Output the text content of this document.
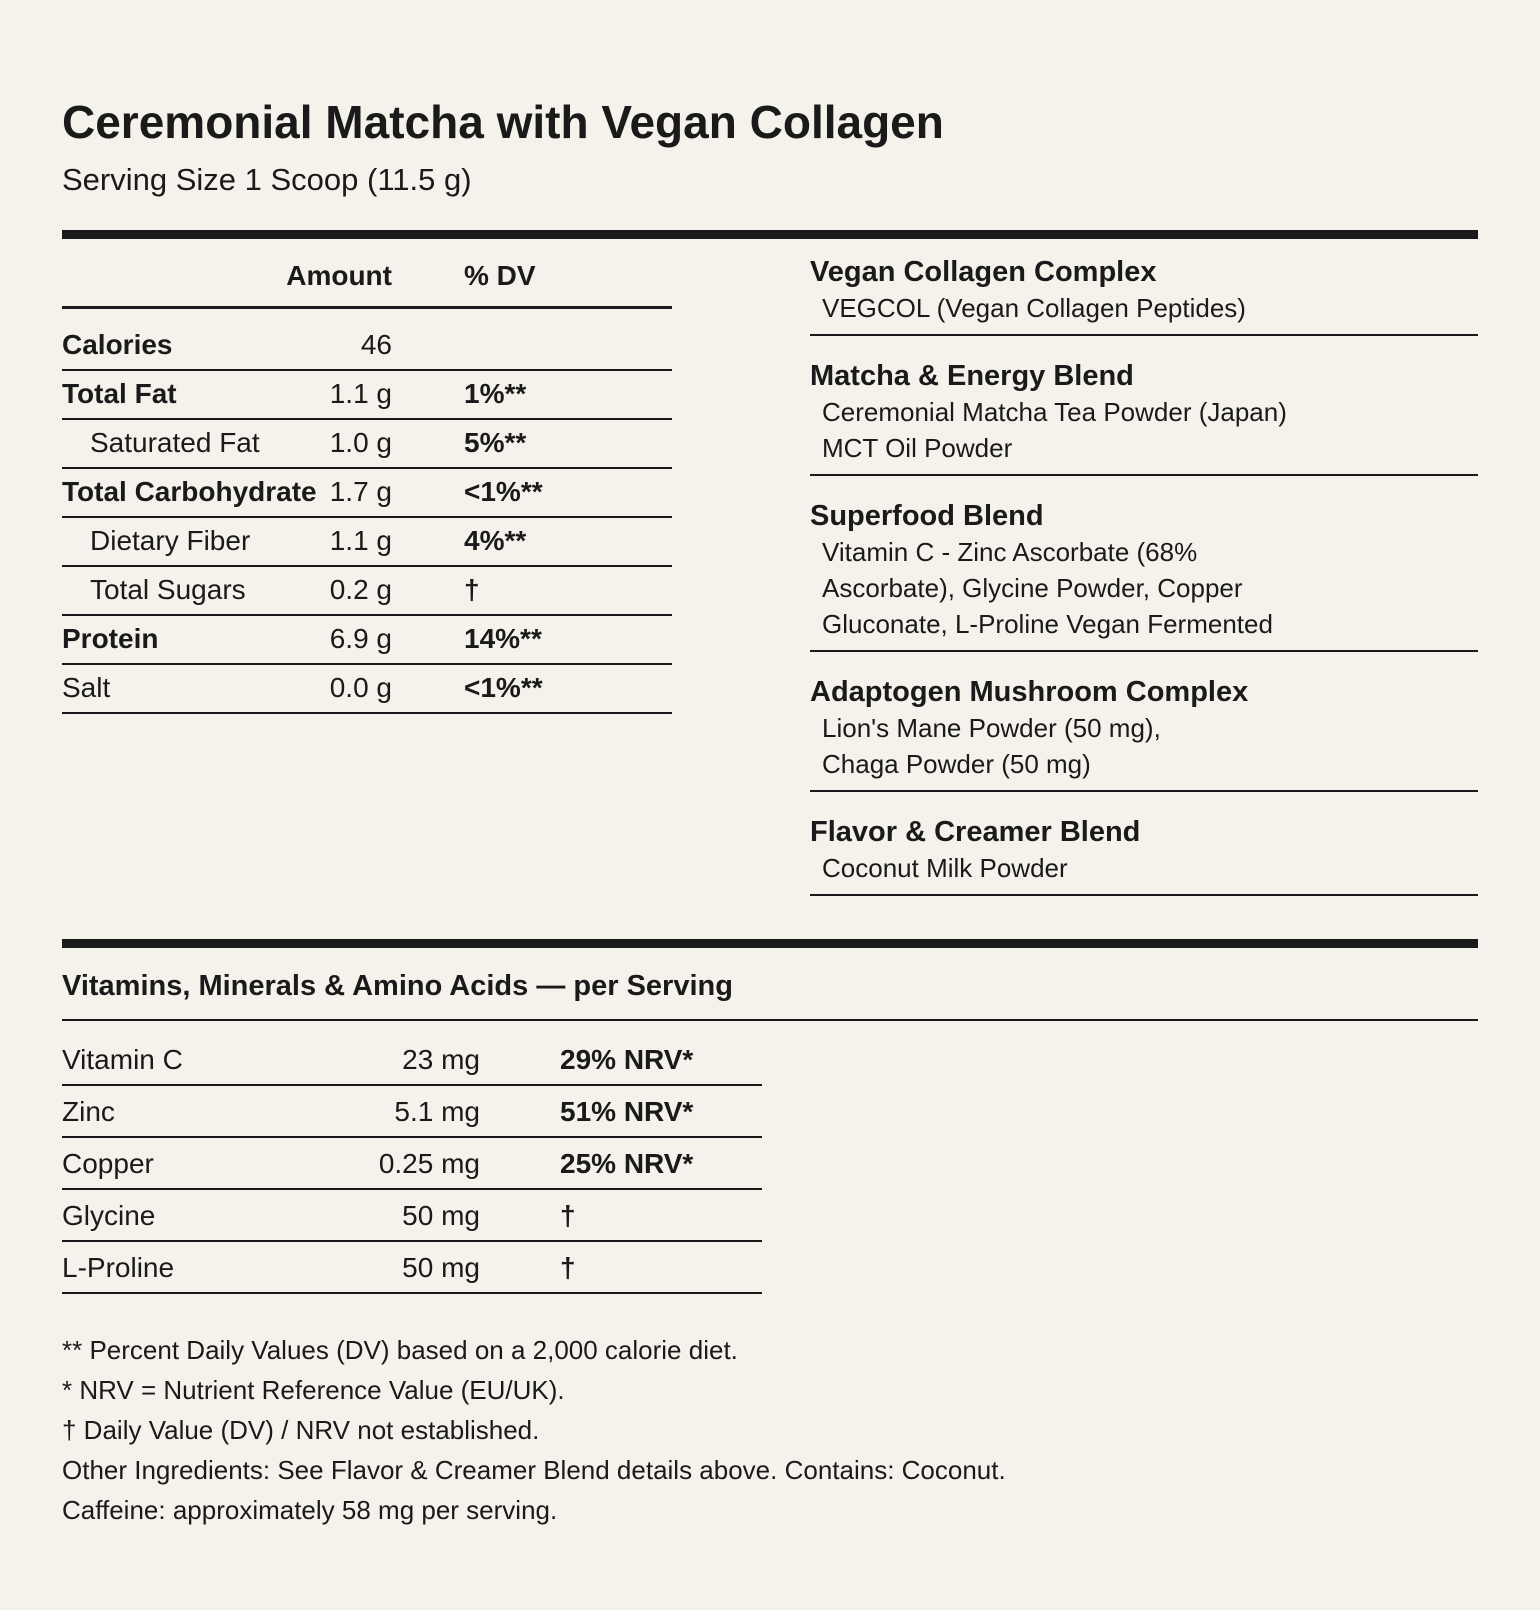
Ceremonial Matcha with Vegan Collagen
Serving Size 1 Scoop (11.5 g)
Amount	% DV
Calories	46
Total Fat	1.1 g	1%**
Saturated Fat	1.0 g	5%**
Total Carbohydrate 1.7 g	<1%**
Dietary Fiber	1.1 g	4%**
Total Sugars	0.2 g	†
Protein	6.9 g	14%**
Salt	0.0 g	<1%**
Vegan Collagen Complex
VEGCOL (Vegan Collagen Peptides)
Matcha & Energy Blend
Ceremonial Matcha Tea Powder (Japan)
MCT Oil Powder
Superfood Blend
Vitamin C - Zinc Ascorbate (68%
Ascorbate), Glycine Powder, Copper
Gluconate, L-Proline Vegan Fermented
Adaptogen Mushroom Complex
Lion's Mane Powder (50 mg),
Chaga Powder (50 mg)
Flavor & Creamer Blend
Coconut Milk Powder
Vitamins, Minerals & Amino Acids — per Serving
Vitamin C	23 mg	29% NRV*
Zinc	5.1 mg	51% NRV*
Copper	0.25 mg	25% NRV*
Glycine	50 mg	†
L-Proline	50 mg	†
** Percent Daily Values (DV) based on a 2,000 calorie diet.
* NRV = Nutrient Reference Value (EU/UK).
† Daily Value (DV) / NRV not established.
Other Ingredients: See Flavor & Creamer Blend details above. Contains: Coconut.
Caffeine: approximately 58 mg per serving.
